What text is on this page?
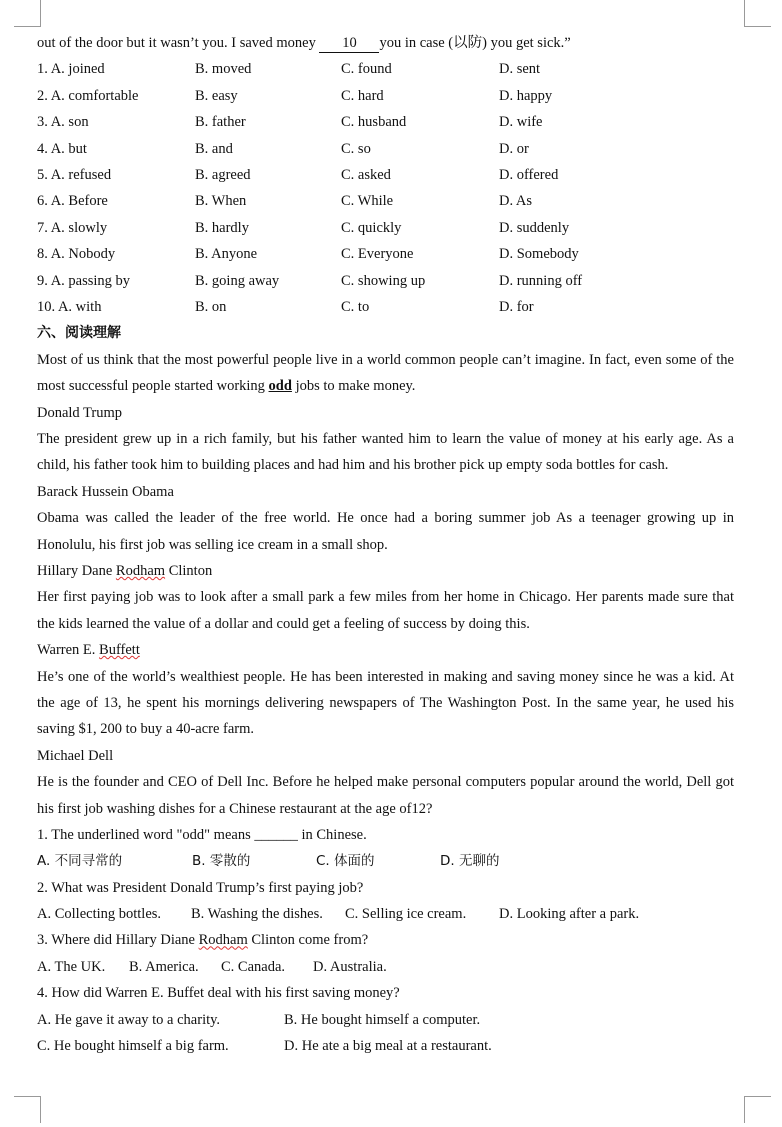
out of the door but it wasn’t you. I saved money 10 you in case (以防) you get sick.”
1. A. joined	B. moved	C. found	D. sent
2. A. comfortable	B. easy	C. hard	D. happy
3. A. son	B. father	C. husband	D. wife
4. A. but	B. and	C. so	D. or
5. A. refused	B. agreed	C. asked	D. offered
6. A. Before	B. When	C. While	D. As
7. A. slowly	B. hardly	C. quickly	D. suddenly
8. A. Nobody	B. Anyone	C. Everyone	D. Somebody
9. A. passing by	B. going away	C. showing up	D. running off
10. A. with	B. on	C. to	D. for
六、阅读理解
Most of us think that the most powerful people live in a world common people can’t imagine. In fact, even some of the most successful people started working odd jobs to make money.
Donald Trump
The president grew up in a rich family, but his father wanted him to learn the value of money at his early age. As a child, his father took him to building places and had him and his brother pick up empty soda bottles for cash.
Barack Hussein Obama
Obama was called the leader of the free world. He once had a boring summer job As a teenager growing up in Honolulu, his first job was selling ice cream in a small shop.
Hillary Dane Rodham Clinton
Her first paying job was to look after a small park a few miles from her home in Chicago. Her parents made sure that the kids learned the value of a dollar and could get a feeling of success by doing this.
Warren E. Buffett
He’s one of the world’s wealthiest people. He has been interested in making and saving money since he was a kid. At the age of 13, he spent his mornings delivering newspapers of The Washington Post. In the same year, he used his saving $1, 200 to buy a 40-acre farm.
Michael Dell
He is the founder and CEO of Dell Inc. Before he helped make personal computers popular around the world, Dell got his first job washing dishes for a Chinese restaurant at the age of12?
1. The underlined word "odd" means ______ in Chinese.
A. 不同寻常的	B. 零散的	C. 体面的	D. 无聊的
2. What was President Donald Trump’s first paying job?
A. Collecting bottles.	B. Washing the dishes.	C. Selling ice cream.	D. Looking after a park.
3. Where did Hillary Diane Rodham Clinton come from?
A. The UK.	B. America.	C. Canada.	D. Australia.
4. How did Warren E. Buffet deal with his first saving money?
A. He gave it away to a charity.	B. He bought himself a computer.
C. He bought himself a big farm.	D. He ate a big meal at a restaurant.
